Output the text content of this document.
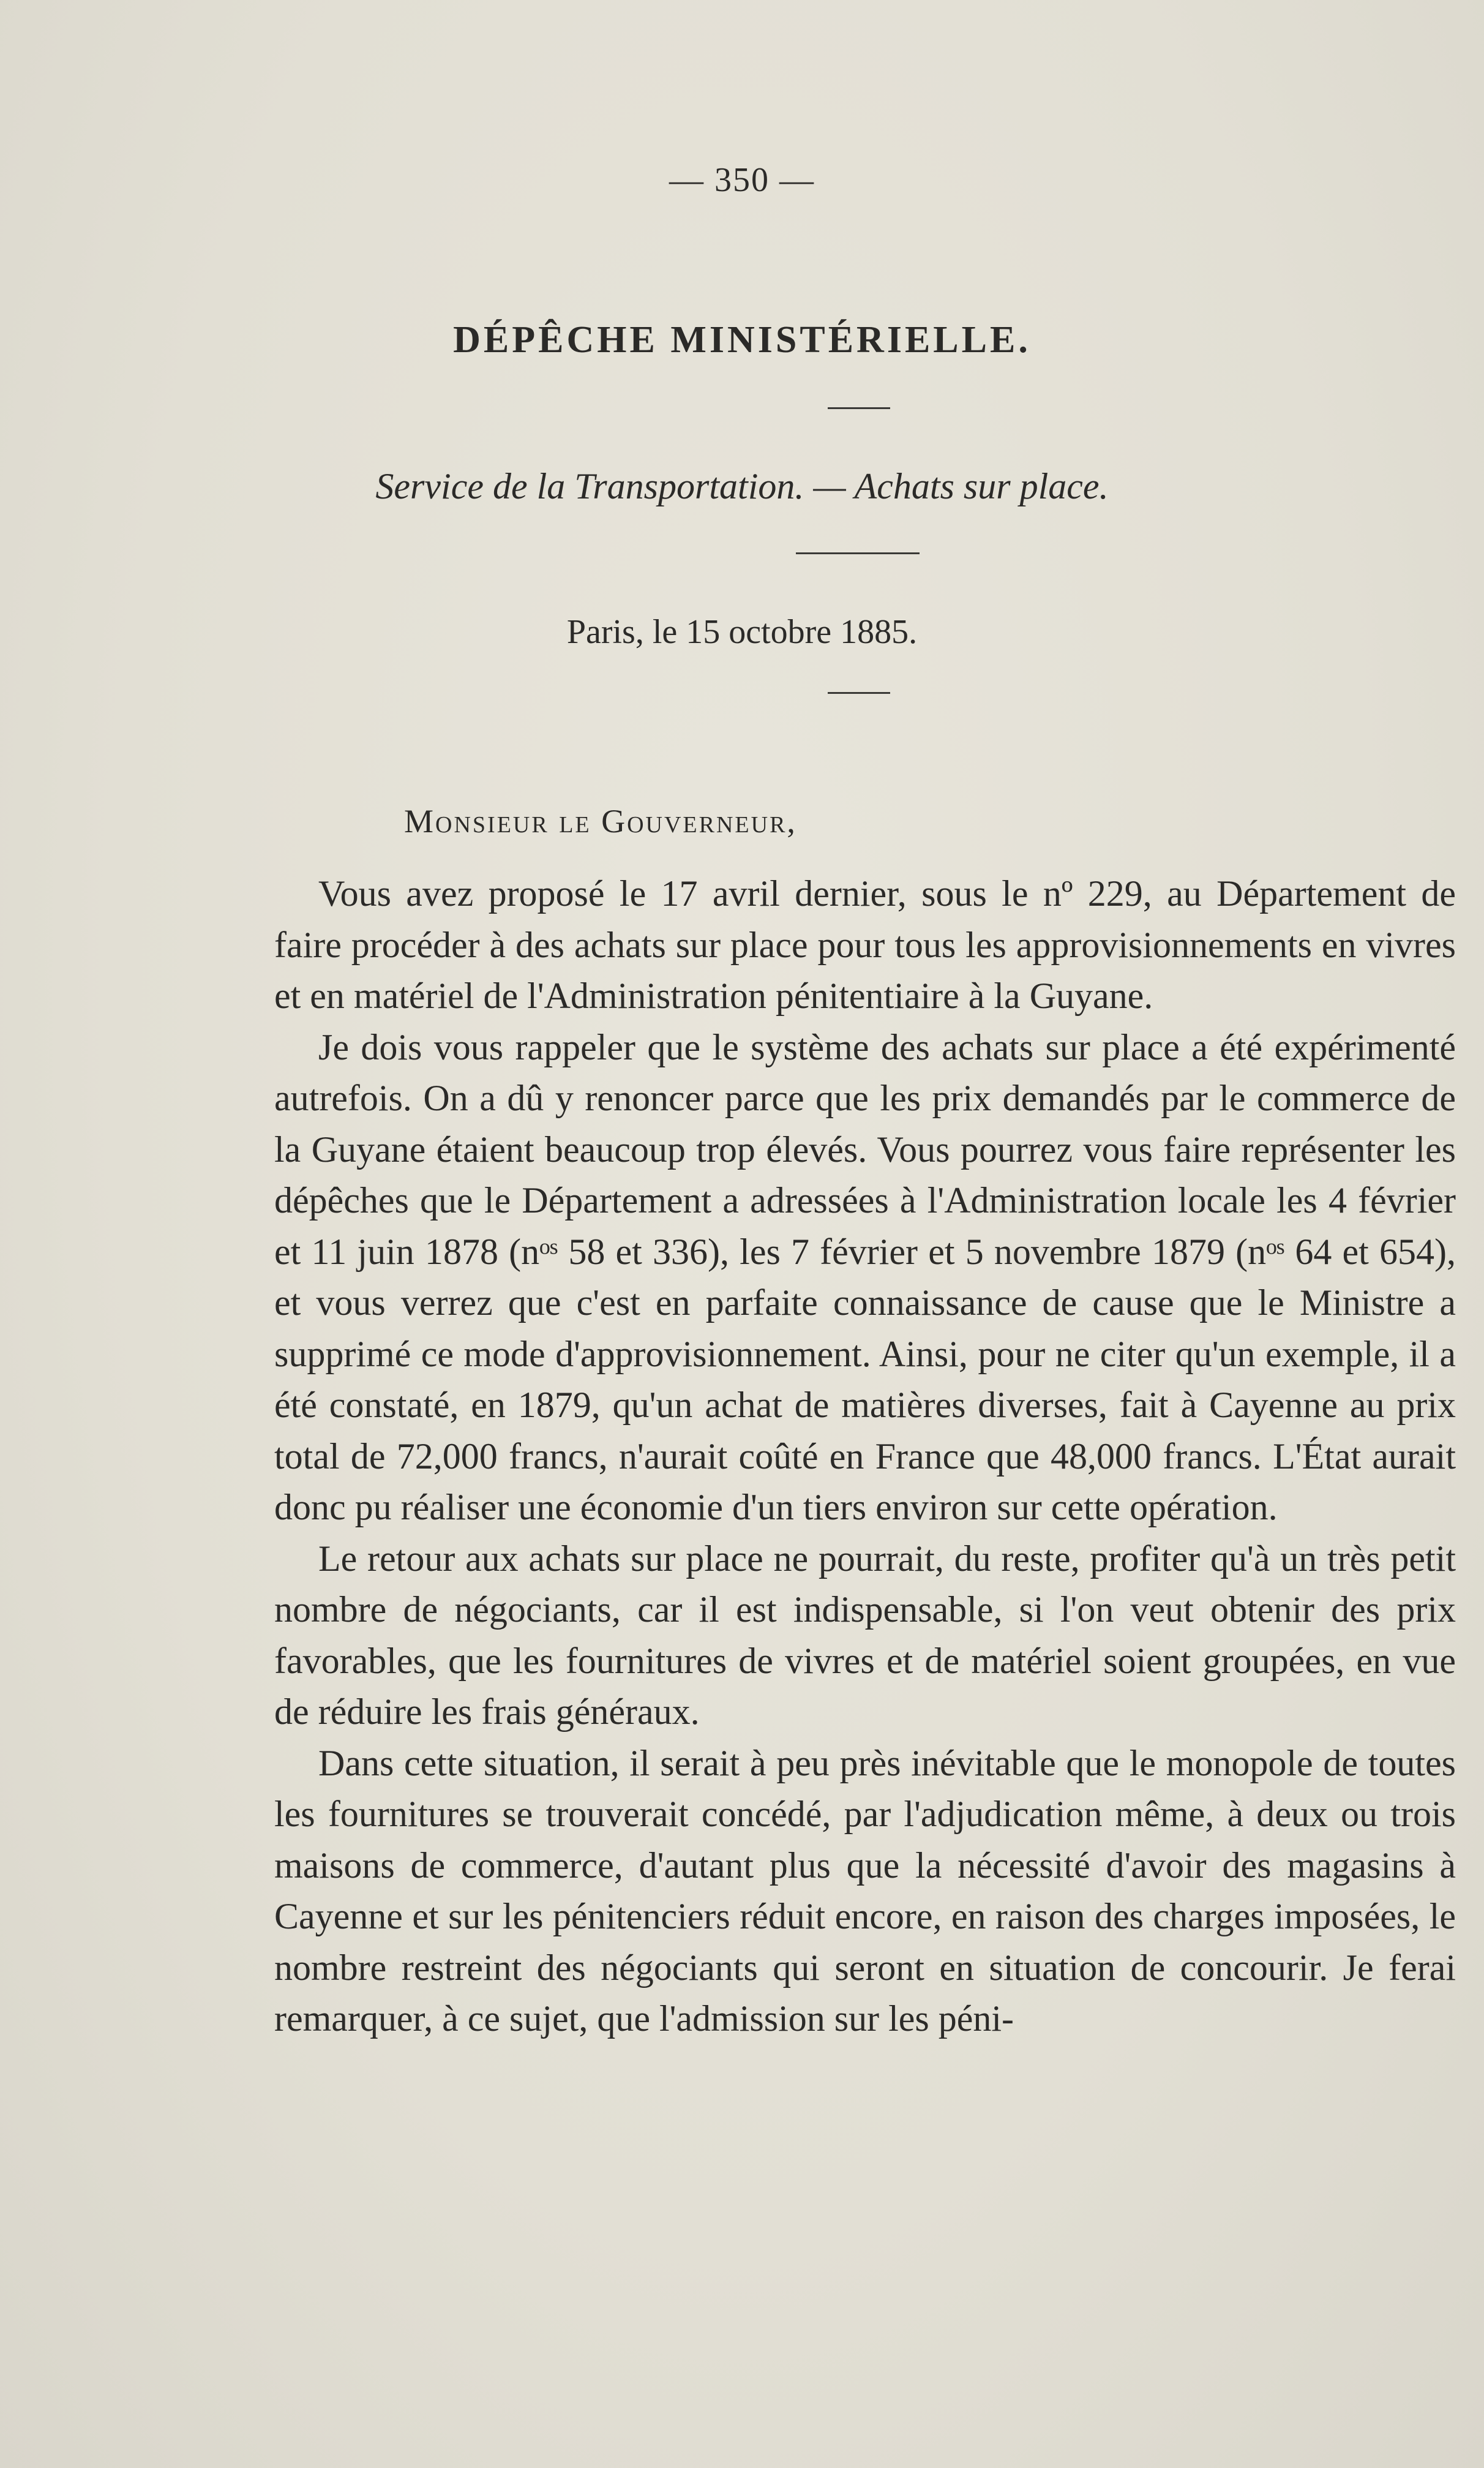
— 350 —
DÉPÊCHE MINISTÉRIELLE.
Service de la Transportation. — Achats sur place.
Paris, le 15 octobre 1885.
Monsieur le Gouverneur,

Vous avez proposé le 17 avril dernier, sous le nº 229, au Département de faire procéder à des achats sur place pour tous les approvisionnements en vivres et en matériel de l'Administration pénitentiaire à la Guyane.

Je dois vous rappeler que le système des achats sur place a été expérimenté autrefois. On a dû y renoncer parce que les prix demandés par le commerce de la Guyane étaient beaucoup trop élevés. Vous pourrez vous faire représenter les dépêches que le Département a adressées à l'Administration locale les 4 février et 11 juin 1878 (nᵒˢ 58 et 336), les 7 février et 5 novembre 1879 (nᵒˢ 64 et 654), et vous verrez que c'est en parfaite connaissance de cause que le Ministre a supprimé ce mode d'approvisionnement. Ainsi, pour ne citer qu'un exemple, il a été constaté, en 1879, qu'un achat de matières diverses, fait à Cayenne au prix total de 72,000 francs, n'aurait coûté en France que 48,000 francs. L'État aurait donc pu réaliser une économie d'un tiers environ sur cette opération.

Le retour aux achats sur place ne pourrait, du reste, profiter qu'à un très petit nombre de négociants, car il est indispensable, si l'on veut obtenir des prix favorables, que les fournitures de vivres et de matériel soient groupées, en vue de réduire les frais généraux.

Dans cette situation, il serait à peu près inévitable que le monopole de toutes les fournitures se trouverait concédé, par l'adjudication même, à deux ou trois maisons de commerce, d'autant plus que la nécessité d'avoir des magasins à Cayenne et sur les pénitenciers réduit encore, en raison des charges imposées, le nombre restreint des négociants qui seront en situation de concourir. Je ferai remarquer, à ce sujet, que l'admission sur les péni-
